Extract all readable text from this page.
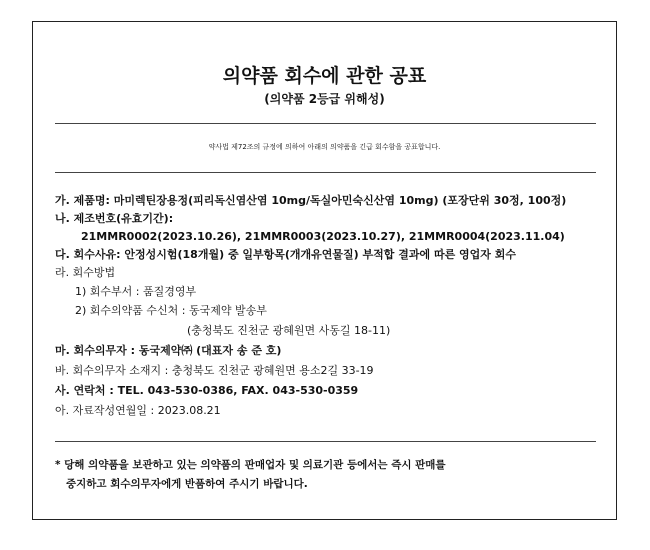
의약품 회수에 관한 공표
(의약품 2등급 위해성)
약사법 제72조의 규정에 의하여 아래의 의약품을 긴급 회수함을 공표합니다.
가. 제품명: 마미렉틴장용정(피리독신염산염 10mg/독실아민숙신산염 10mg) (포장단위 30정, 100정)
나. 제조번호(유효기간):
21MMR0002(2023.10.26), 21MMR0003(2023.10.27), 21MMR0004(2023.11.04)
다. 회수사유: 안정성시험(18개월) 중 일부항목(개개유연물질) 부적합 결과에 따른 영업자 회수
라. 회수방법
1) 회수부서 : 품질경영부
2) 회수의약품 수신처 : 동국제약 발송부
(충청북도 진천군 광혜원면 사동길 18-11)
마. 회수의무자 : 동국제약㈜ (대표자 송 준 호)
바. 회수의무자 소재지 : 충청북도 진천군 광혜원면 용소2길 33-19
사. 연락처 : TEL. 043-530-0386, FAX. 043-530-0359
아. 자료작성연월일 : 2023.08.21
* 당해 의약품을 보관하고 있는 의약품의 판매업자 및 의료기관 등에서는 즉시 판매를
중지하고 회수의무자에게 반품하여 주시기 바랍니다.
